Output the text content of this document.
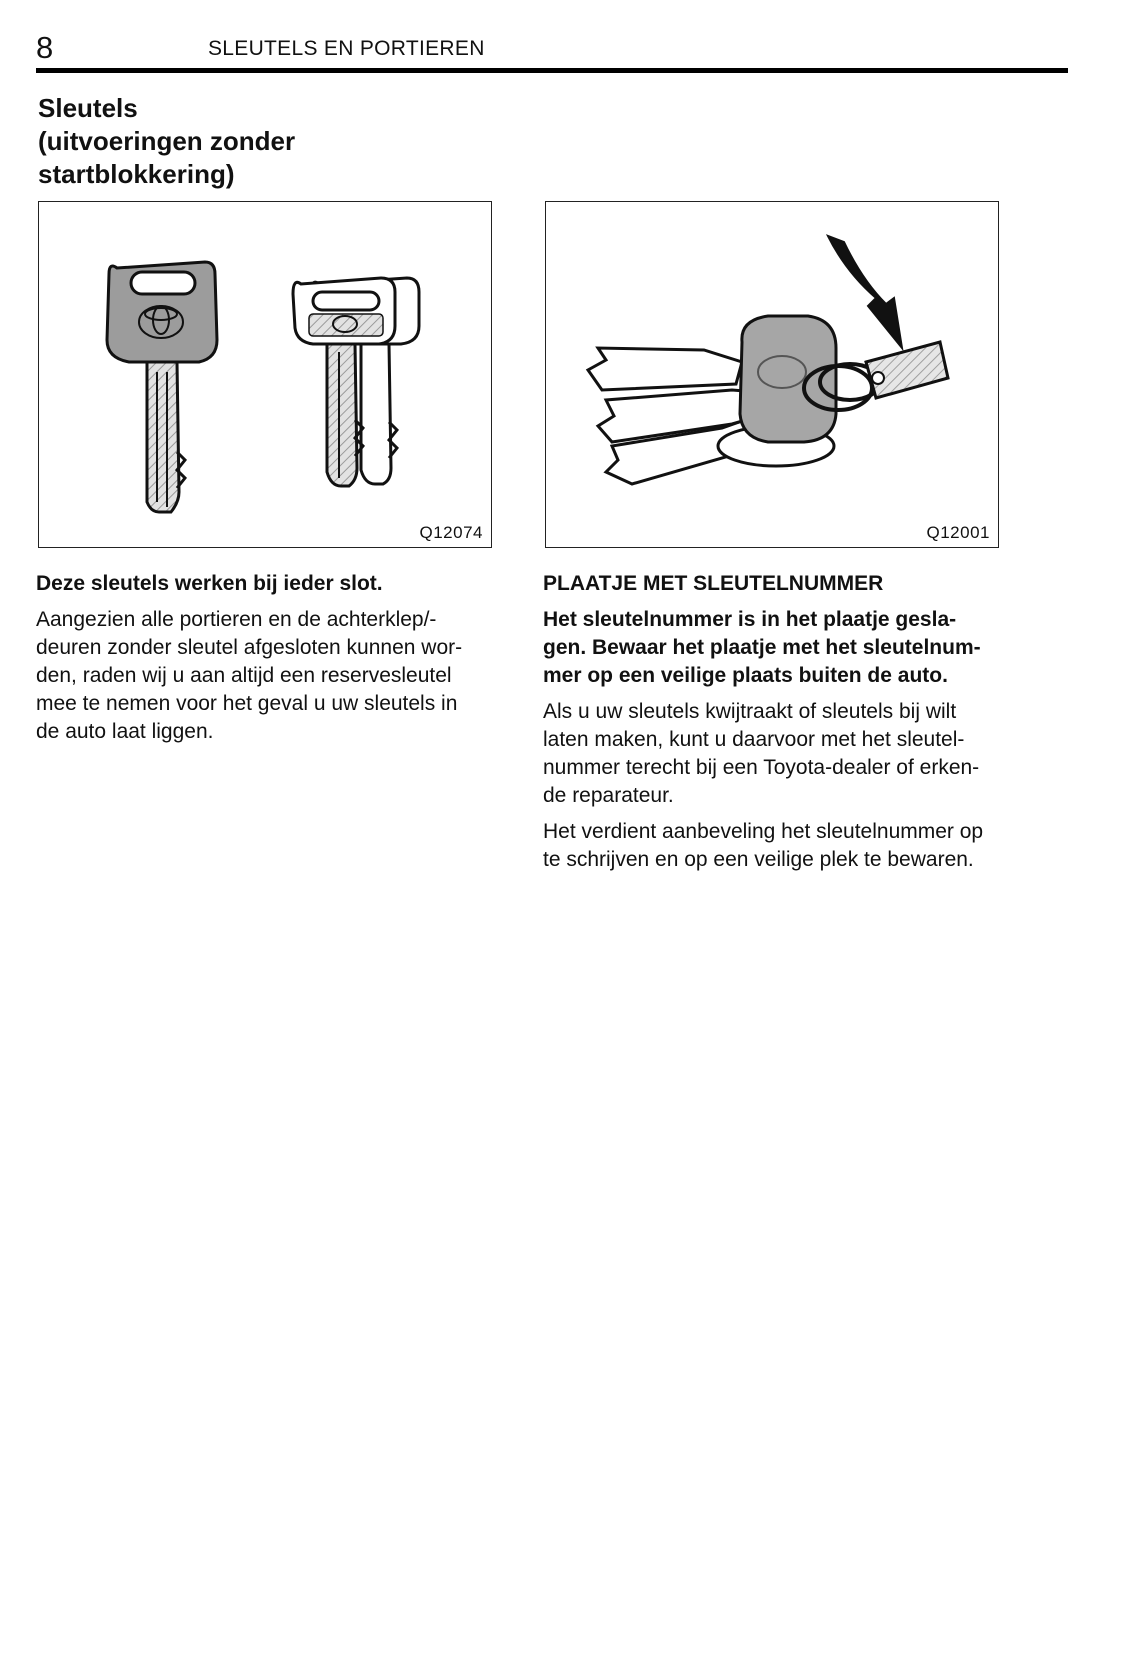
8	SLEUTELS EN PORTIEREN
Sleutels
(uitvoeringen zonder
startblokkering)
Q12074	Q12001

Deze sleutels werken bij ieder slot.

Aangezien alle portieren en de achterklep/‐
deuren zonder sleutel afgesloten kunnen wor-
den, raden wij u aan altijd een reservesleutel
mee te nemen voor het geval u uw sleutels in
de auto laat liggen.

PLAATJE MET SLEUTELNUMMER

Het sleutelnummer is in het plaatje gesla-
gen. Bewaar het plaatje met het sleutelnum-
mer op een veilige plaats buiten de auto.

Als u uw sleutels kwijtraakt of sleutels bij wilt
laten maken, kunt u daarvoor met het sleutel-
nummer terecht bij een Toyota‐dealer of erken-
de reparateur.

Het verdient aanbeveling het sleutelnummer op
te schrijven en op een veilige plek te bewaren.
